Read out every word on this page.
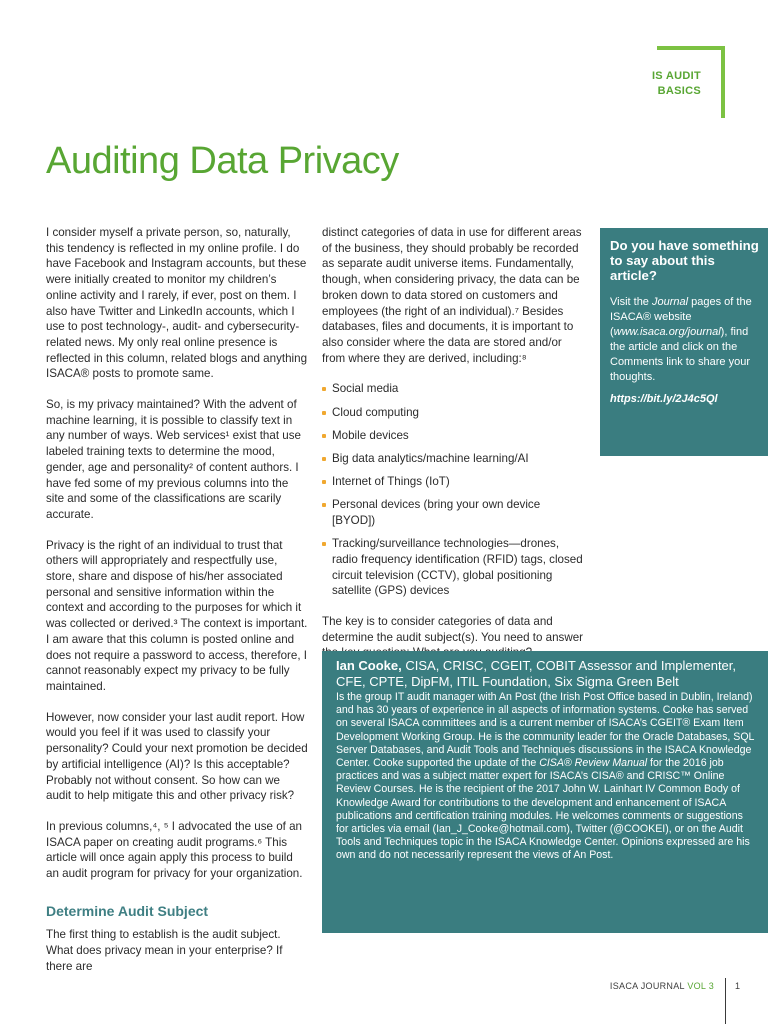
IS AUDIT
BASICS
Auditing Data Privacy

I consider myself a private person, so, naturally, this tendency is reflected in my online profile. I do have Facebook and Instagram accounts, but these were initially created to monitor my children’s online activity and I rarely, if ever, post on them. I also have Twitter and LinkedIn accounts, which I use to post technology-, audit- and cybersecurity-related news. My only real online presence is reflected in this column, related blogs and anything ISACA® posts to promote same.

So, is my privacy maintained? With the advent of machine learning, it is possible to classify text in any number of ways. Web services¹ exist that use labeled training texts to determine the mood, gender, age and personality² of content authors. I have fed some of my previous columns into the site and some of the classifications are scarily accurate.

Privacy is the right of an individual to trust that others will appropriately and respectfully use, store, share and dispose of his/her associated personal and sensitive information within the context and according to the purposes for which it was collected or derived.³ The context is important. I am aware that this column is posted online and does not require a password to access, therefore, I cannot reasonably expect my privacy to be fully maintained.

However, now consider your last audit report. How would you feel if it was used to classify your personality? Could your next promotion be decided by artificial intelligence (AI)? Is this acceptable? Probably not without consent. So how can we audit to help mitigate this and other privacy risk?

In previous columns,⁴, ⁵ I advocated the use of an ISACA paper on creating audit programs.⁶ This article will once again apply this process to build an audit program for privacy for your organization.

Determine Audit Subject

The first thing to establish is the audit subject. What does privacy mean in your enterprise? If there are

distinct categories of data in use for different areas of the business, they should probably be recorded as separate audit universe items. Fundamentally, though, when considering privacy, the data can be broken down to data stored on customers and employees (the right of an individual).⁷ Besides databases, files and documents, it is important to also consider where the data are stored and/or from where they are derived, including:⁸

Social media
Cloud computing
Mobile devices
Big data analytics/machine learning/AI
Internet of Things (IoT)
Personal devices (bring your own device [BYOD])
Tracking/surveillance technologies—drones, radio frequency identification (RFID) tags, closed circuit television (CCTV), global positioning satellite (GPS) devices

The key is to consider categories of data and determine the audit subject(s). You need to answer

Do you have something to say about this article?
Visit the Journal pages of the ISACA® website (www.isaca.org/journal), find the article and click on the Comments link to share your thoughts.
https://bit.ly/2J4c5Ql
Ian Cooke, CISA, CRISC, CGEIT, COBIT Assessor and Implementer, CFE, CPTE, DipFM, ITIL Foundation, Six Sigma Green Belt
Is the group IT audit manager with An Post (the Irish Post Office based in Dublin, Ireland) and has 30 years of experience in all aspects of information systems. Cooke has served on several ISACA committees and is a current member of ISACA’s CGEIT® Exam Item Development Working Group. He is the community leader for the Oracle Databases, SQL Server Databases, and Audit Tools and Techniques discussions in the ISACA Knowledge Center. Cooke supported the update of the CISA® Review Manual for the 2016 job practices and was a subject matter expert for ISACA’s CISA® and CRISC™ Online Review Courses. He is the recipient of the 2017 John W. Lainhart IV Common Body of Knowledge Award for contributions to the development and enhancement of ISACA publications and certification training modules. He welcomes comments or suggestions for articles via email (Ian_J_Cooke@hotmail.com), Twitter (@COOKEI), or on the Audit Tools and Techniques topic in the ISACA Knowledge Center. Opinions expressed are his own and do not necessarily represent the views of An Post.
ISACA JOURNAL VOL 3 1
